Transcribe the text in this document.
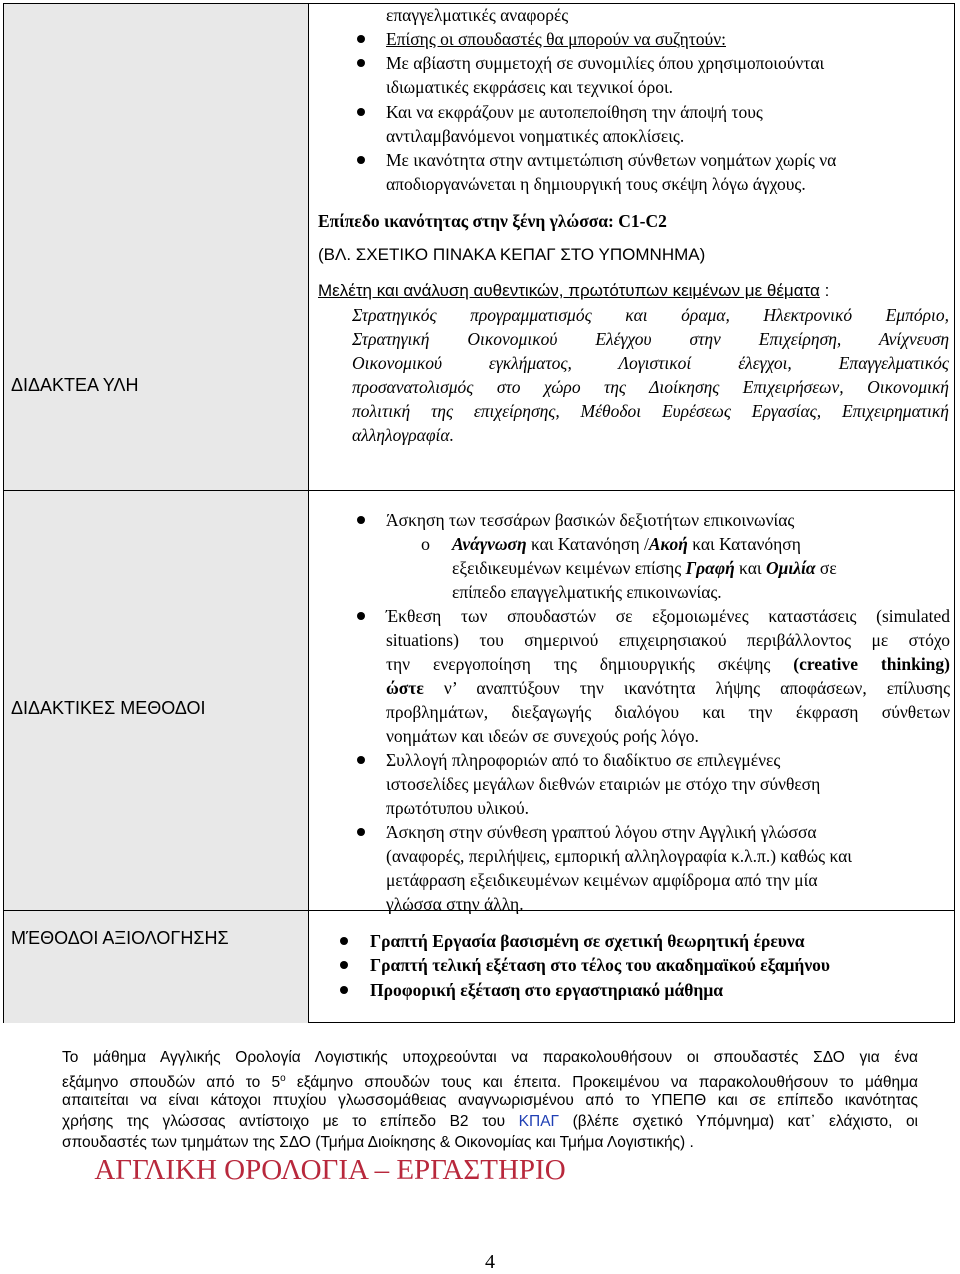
ΔΙΔΑΚΤΕΑ ΥΛΗ
ΔΙΔΑΚΤΙΚΕΣ ΜΕΘΟΔΟΙ
ΜΈΘΟΔΟΙ ΑΞΙΟΛΟΓΗΣΗΣ
επαγγελματικές αναφορές
Επίσης οι σπουδαστές θα μπορούν να συζητούν:
Με αβίαστη συμμετοχή σε συνομιλίες όπου χρησιμοποιούνται
ιδιωματικές εκφράσεις και τεχνικοί όροι.
Και να εκφράζουν με αυτοπεποίθηση την άποψή τους
αντιλαμβανόμενοι νοηματικές αποκλίσεις.
Με ικανότητα στην αντιμετώπιση σύνθετων νοημάτων χωρίς να
αποδιοργανώνεται η δημιουργική τους σκέψη λόγω άγχους.
Επίπεδο ικανότητας στην ξένη γλώσσα: C1-C2
(ΒΛ. ΣΧΕΤΙΚΟ ΠΙΝΑΚΑ ΚΕΠΑΓ ΣΤΟ ΥΠΟΜΝΗΜΑ)
Μελέτη και ανάλυση αυθεντικών, πρωτότυπων κειμένων με θέματα :
Στρατηγικός προγραμματισμός και όραμα, Ηλεκτρονικό Εμπόριο,
Στρατηγική Οικονομικού Ελέγχου στην Επιχείρηση, Ανίχνευση
Οικονομικού εγκλήματος, Λογιστικοί έλεγχοι, Επαγγελματικός
προσανατολισμός στο χώρο της Διοίκησης Επιχειρήσεων, Οικονομική
πολιτική της επιχείρησης, Μέθοδοι Ευρέσεως Εργασίας, Επιχειρηματική
αλληλογραφία.
Άσκηση των τεσσάρων βασικών δεξιοτήτων επικοινωνίας
o Ανάγνωση και Κατανόηση /Ακοή και Κατανόηση
εξειδικευμένων κειμένων επίσης Γραφή και Ομιλία σε
επίπεδο επαγγελματικής επικοινωνίας.
Έκθεση των σπουδαστών σε εξομοιωμένες καταστάσεις (simulated
situations) του σημερινού επιχειρησιακού περιβάλλοντος με στόχο
την ενεργοποίηση της δημιουργικής σκέψης (creative thinking)
ώστε ν’ αναπτύξουν την ικανότητα λήψης αποφάσεων, επίλυσης
προβλημάτων, διεξαγωγής διαλόγου και την έκφραση σύνθετων
νοημάτων και ιδεών σε συνεχούς ροής λόγο.
Συλλογή πληροφοριών από το διαδίκτυο σε επιλεγμένες
ιστοσελίδες μεγάλων διεθνών εταιριών με στόχο την σύνθεση
πρωτότυπου υλικού.
Άσκηση στην σύνθεση γραπτού λόγου στην Αγγλική γλώσσα
(αναφορές, περιλήψεις, εμπορική αλληλογραφία κ.λ.π.) καθώς και
μετάφραση εξειδικευμένων κειμένων αμφίδρομα από την μία
γλώσσα στην άλλη.
Γραπτή Εργασία βασισμένη σε σχετική θεωρητική έρευνα
Γραπτή τελική εξέταση στο τέλος του ακαδημαϊκού εξαμήνου
Προφορική εξέταση στο εργαστηριακό μάθημα
Το μάθημα Αγγλικής Ορολογία Λογιστικής υποχρεούνται να παρακολουθήσουν οι σπουδαστές ΣΔΟ για ένα
εξάμηνο σπουδών από το $5^o$ εξάμηνο σπουδών τους και έπειτα. Προκειμένου να παρακολουθήσουν το μάθημα
απαιτείται να είναι κάτοχοι πτυχίου γλωσσομάθειας αναγνωρισμένου από το ΥΠΕΠΘ και σε επίπεδο ικανότητας
χρήσης της γλώσσας αντίστοιχο με το επίπεδο Β2 του ΚΠΑΓ (βλέπε σχετικό Υπόμνημα) κατ᾽ ελάχιστο, οι
σπουδαστές των τμημάτων της ΣΔΟ (Τμήμα Διοίκησης & Οικονομίας και Τμήμα Λογιστικής) .
ΑΓΓΛΙΚΗ ΟΡΟΛΟΓΙΑ – ΕΡΓΑΣΤΗΡΙΟ
4
